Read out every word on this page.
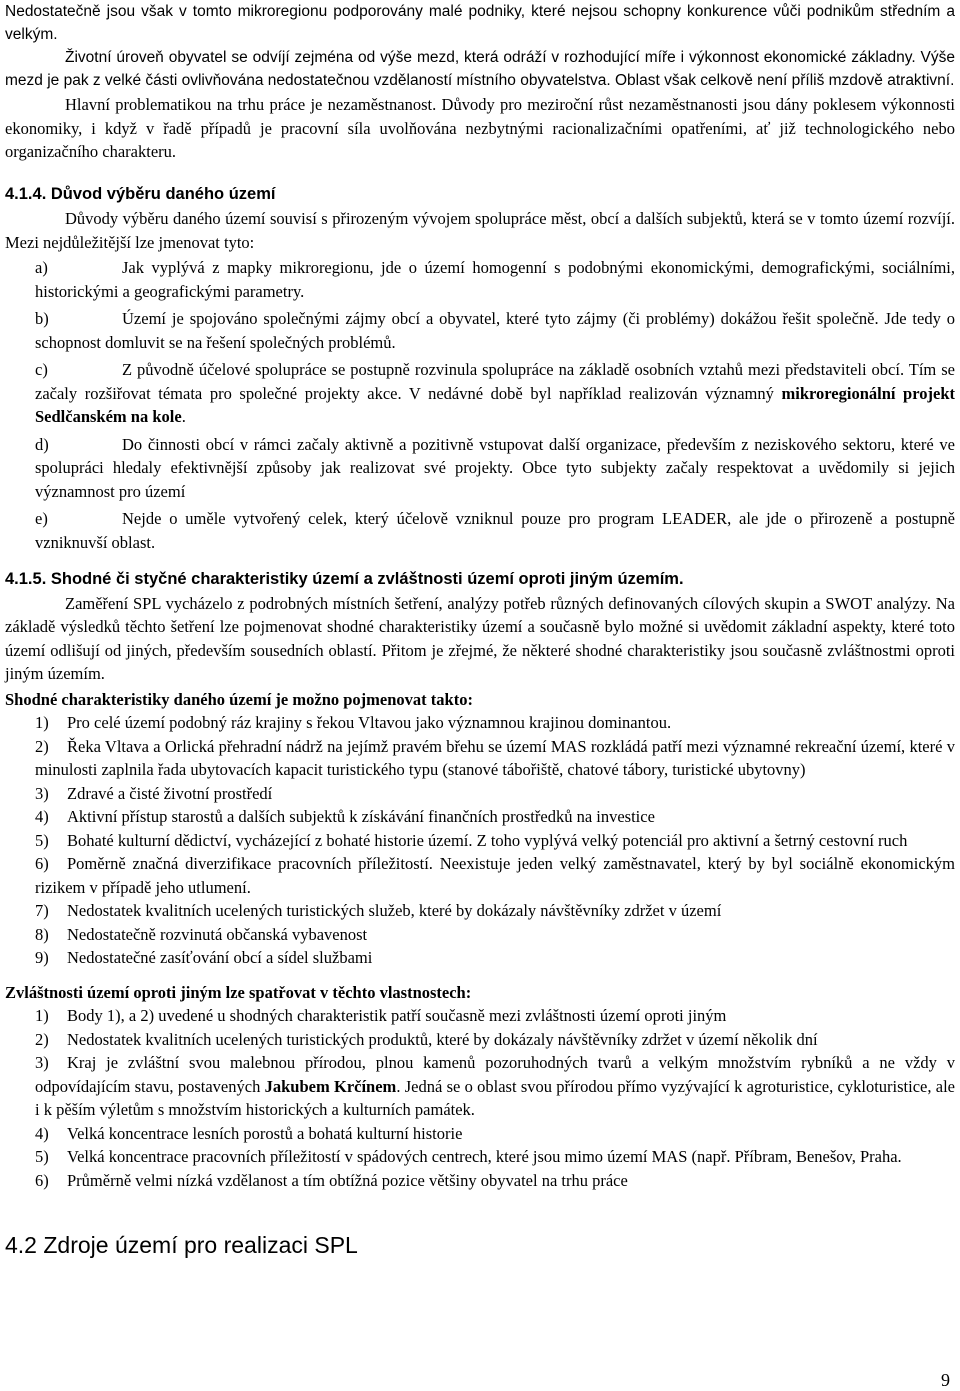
Nedostatečně jsou však v tomto mikroregionu podporovány malé podniky, které nejsou schopny konkurence vůči podnikům středním a velkým.

Životní úroveň obyvatel se odvíjí zejména od výše mezd, která odráží v rozhodující míře i výkonnost ekonomické základny. Výše mezd je pak z velké části ovlivňována nedostatečnou vzdělaností místního obyvatelstva. Oblast však celkově není příliš mzdově atraktivní.

Hlavní problematikou na trhu práce je nezaměstnanost. Důvody pro meziroční růst nezaměstnanosti jsou dány poklesem výkonnosti ekonomiky, i když v řadě případů je pracovní síla uvolňována nezbytnými racionalizačními opatřeními, ať již technologického nebo organizačního charakteru.

4.1.4. Důvod výběru daného území

Důvody výběru daného území souvisí s přirozeným vývojem spolupráce měst, obcí a dalších subjektů, která se v tomto území rozvíjí. Mezi nejdůležitější lze jmenovat tyto:

a)	Jak vyplývá z mapky mikroregionu, jde o území homogenní s podobnými ekonomickými, demografickými, sociálními, historickými a geografickými parametry.

b)	Území je spojováno společnými zájmy obcí a obyvatel, které tyto zájmy (či problémy) dokážou řešit společně. Jde tedy o schopnost domluvit se na řešení společných problémů.

c)	Z původně účelové spolupráce se postupně rozvinula spolupráce na základě osobních vztahů mezi představiteli obcí. Tím se začaly rozšiřovat témata pro společné projekty akce. V nedávné době byl například realizován významný mikroregionální projekt Sedlčanském na kole.

d)	Do činnosti obcí v rámci začaly aktivně a pozitivně vstupovat další organizace, především z neziskového sektoru, které ve spolupráci hledaly efektivnější způsoby jak realizovat své projekty. Obce tyto subjekty začaly respektovat a uvědomily si jejich významnost pro území

e)	Nejde o uměle vytvořený celek, který účelově vzniknul pouze pro program LEADER, ale jde o přirozeně a postupně vzniknuvší oblast.

4.1.5. Shodné či styčné charakteristiky území a zvláštnosti území oproti jiným územím.

Zaměření SPL vycházelo z podrobných místních šetření, analýzy potřeb různých definovaných cílových skupin a SWOT analýzy. Na základě výsledků těchto šetření lze pojmenovat shodné charakteristiky území a současně bylo možné si uvědomit základní aspekty, které toto území odlišují od jiných, především sousedních oblastí. Přitom je zřejmé, že některé shodné charakteristiky jsou současně zvláštnostmi oproti jiným územím.

Shodné charakteristiky daného území je možno pojmenovat takto:

1) Pro celé území podobný ráz krajiny s řekou Vltavou jako významnou krajinou dominantou.

2) Řeka Vltava a Orlická přehradní nádrž na jejímž pravém břehu se území MAS rozkládá patří mezi významné rekreační území, které v minulosti zaplnila řada ubytovacích kapacit turistického typu (stanové tábořiště, chatové tábory, turistické ubytovny)

3) Zdravé a čisté životní prostředí

4) Aktivní přístup starostů a dalších subjektů k získávání finančních prostředků na investice

5) Bohaté kulturní dědictví, vycházející z bohaté historie území. Z toho vyplývá velký potenciál pro aktivní a šetrný cestovní ruch

6) Poměrně značná diverzifikace pracovních příležitostí. Neexistuje jeden velký zaměstnavatel, který by byl sociálně ekonomickým rizikem v případě jeho utlumení.

7) Nedostatek kvalitních ucelených turistických služeb, které by dokázaly návštěvníky zdržet v území

8) Nedostatečně rozvinutá občanská vybavenost

9) Nedostatečné zasíťování obcí a sídel službami

Zvláštnosti území oproti jiným lze spatřovat v těchto vlastnostech:

1) Body 1), a 2) uvedené u shodných charakteristik patří současně mezi zvláštnosti území oproti jiným

2) Nedostatek kvalitních ucelených turistických produktů, které by dokázaly návštěvníky zdržet v území několik dní

3) Kraj je zvláštní svou malebnou přírodou, plnou kamenů pozoruhodných tvarů a velkým množstvím rybníků a ne vždy v odpovídajícím stavu, postavených Jakubem Krčínem. Jedná se o oblast svou přírodou přímo vyzývající k agroturistice, cykloturistice, ale i k pěším výletům s množstvím historických a kulturních památek.

4) Velká koncentrace lesních porostů a bohatá kulturní historie

5) Velká koncentrace pracovních příležitostí v spádových centrech, které jsou mimo území MAS (např. Příbram, Benešov, Praha.

6) Průměrně velmi nízká vzdělanost a tím obtížná pozice většiny obyvatel na trhu práce

4.2 Zdroje území pro realizaci SPL
9
